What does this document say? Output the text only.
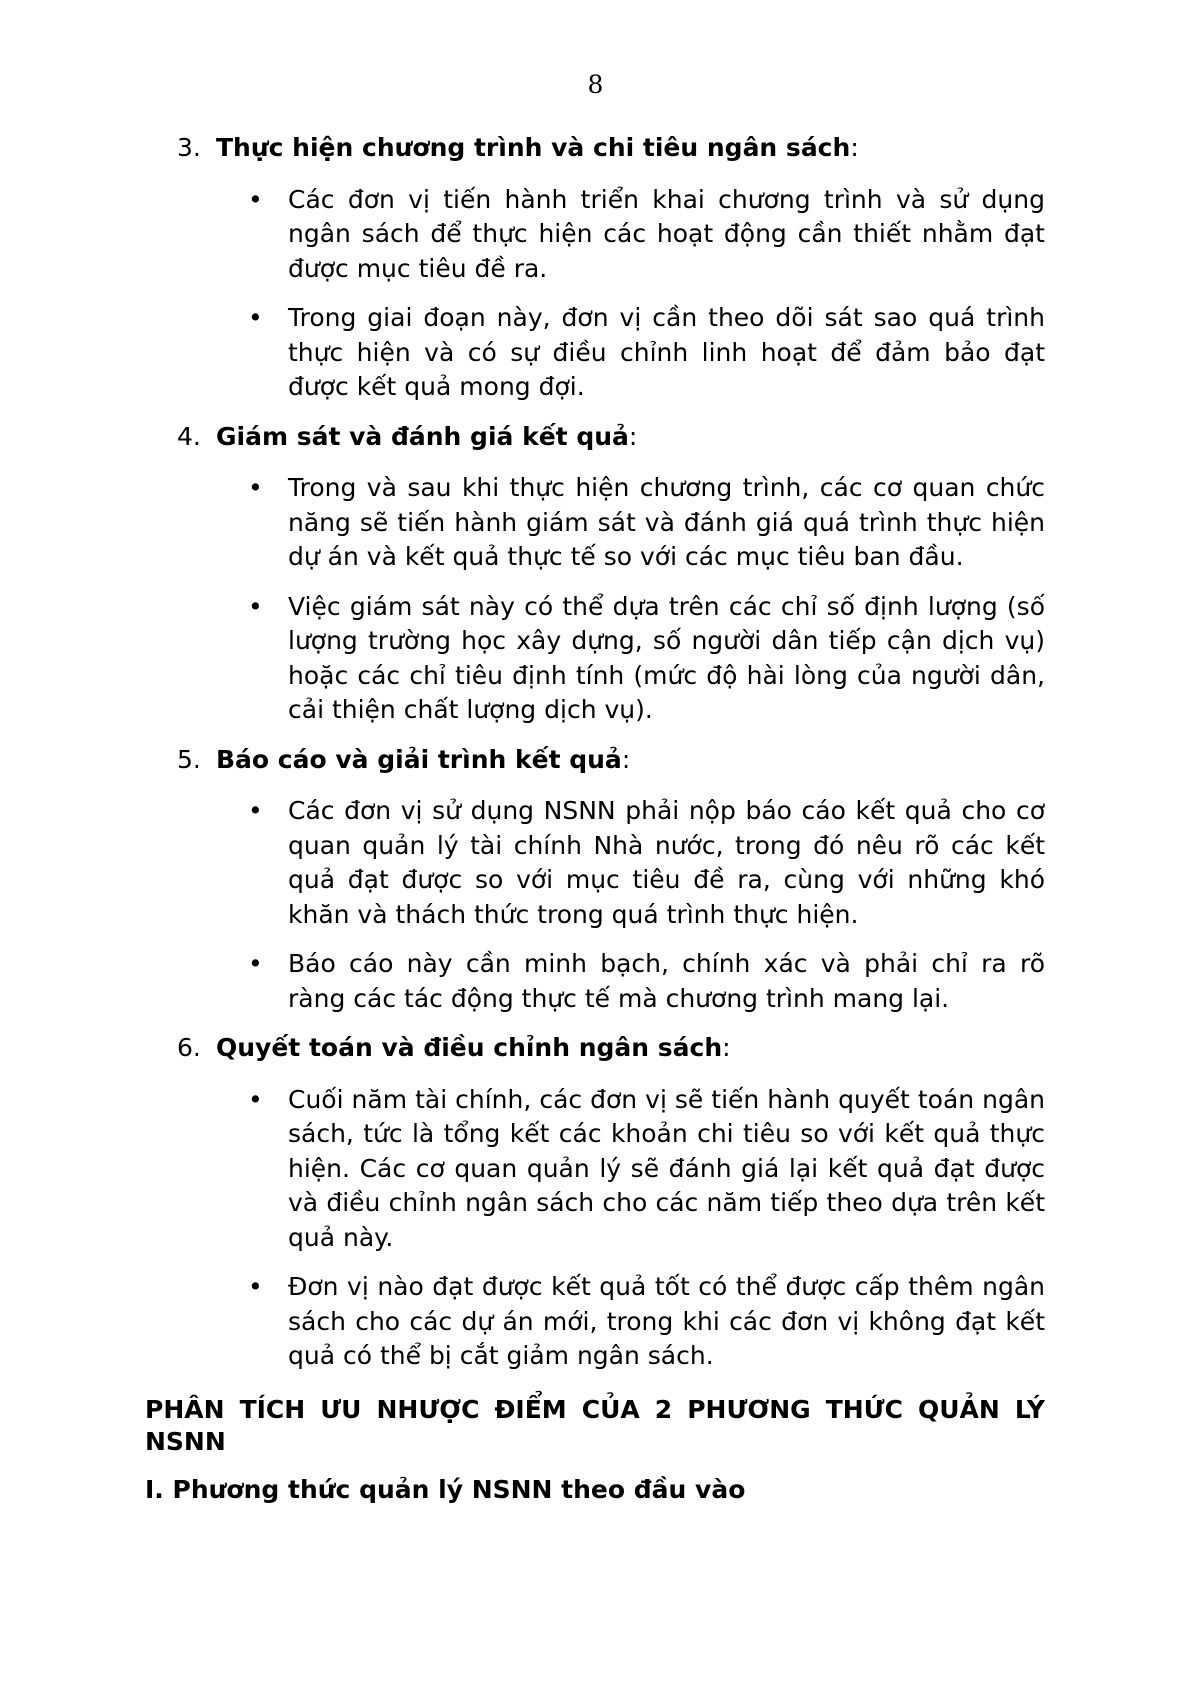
8
3. Thực hiện chương trình và chi tiêu ngân sách:
• Các đơn vị tiến hành triển khai chương trình và sử dụng ngân sách để thực hiện các hoạt động cần thiết nhằm đạt được mục tiêu đề ra.
• Trong giai đoạn này, đơn vị cần theo dõi sát sao quá trình thực hiện và có sự điều chỉnh linh hoạt để đảm bảo đạt được kết quả mong đợi.
4. Giám sát và đánh giá kết quả:
• Trong và sau khi thực hiện chương trình, các cơ quan chức năng sẽ tiến hành giám sát và đánh giá quá trình thực hiện dự án và kết quả thực tế so với các mục tiêu ban đầu.
• Việc giám sát này có thể dựa trên các chỉ số định lượng (số lượng trường học xây dựng, số người dân tiếp cận dịch vụ) hoặc các chỉ tiêu định tính (mức độ hài lòng của người dân, cải thiện chất lượng dịch vụ).
5. Báo cáo và giải trình kết quả:
• Các đơn vị sử dụng NSNN phải nộp báo cáo kết quả cho cơ quan quản lý tài chính Nhà nước, trong đó nêu rõ các kết quả đạt được so với mục tiêu đề ra, cùng với những khó khăn và thách thức trong quá trình thực hiện.
• Báo cáo này cần minh bạch, chính xác và phải chỉ ra rõ ràng các tác động thực tế mà chương trình mang lại.
6. Quyết toán và điều chỉnh ngân sách:
• Cuối năm tài chính, các đơn vị sẽ tiến hành quyết toán ngân sách, tức là tổng kết các khoản chi tiêu so với kết quả thực hiện. Các cơ quan quản lý sẽ đánh giá lại kết quả đạt được và điều chỉnh ngân sách cho các năm tiếp theo dựa trên kết quả này.
• Đơn vị nào đạt được kết quả tốt có thể được cấp thêm ngân sách cho các dự án mới, trong khi các đơn vị không đạt kết quả có thể bị cắt giảm ngân sách.
PHÂN TÍCH ƯU NHƯỢC ĐIỂM CỦA 2 PHƯƠNG THỨC QUẢN LÝ NSNN
I. Phương thức quản lý NSNN theo đầu vào
